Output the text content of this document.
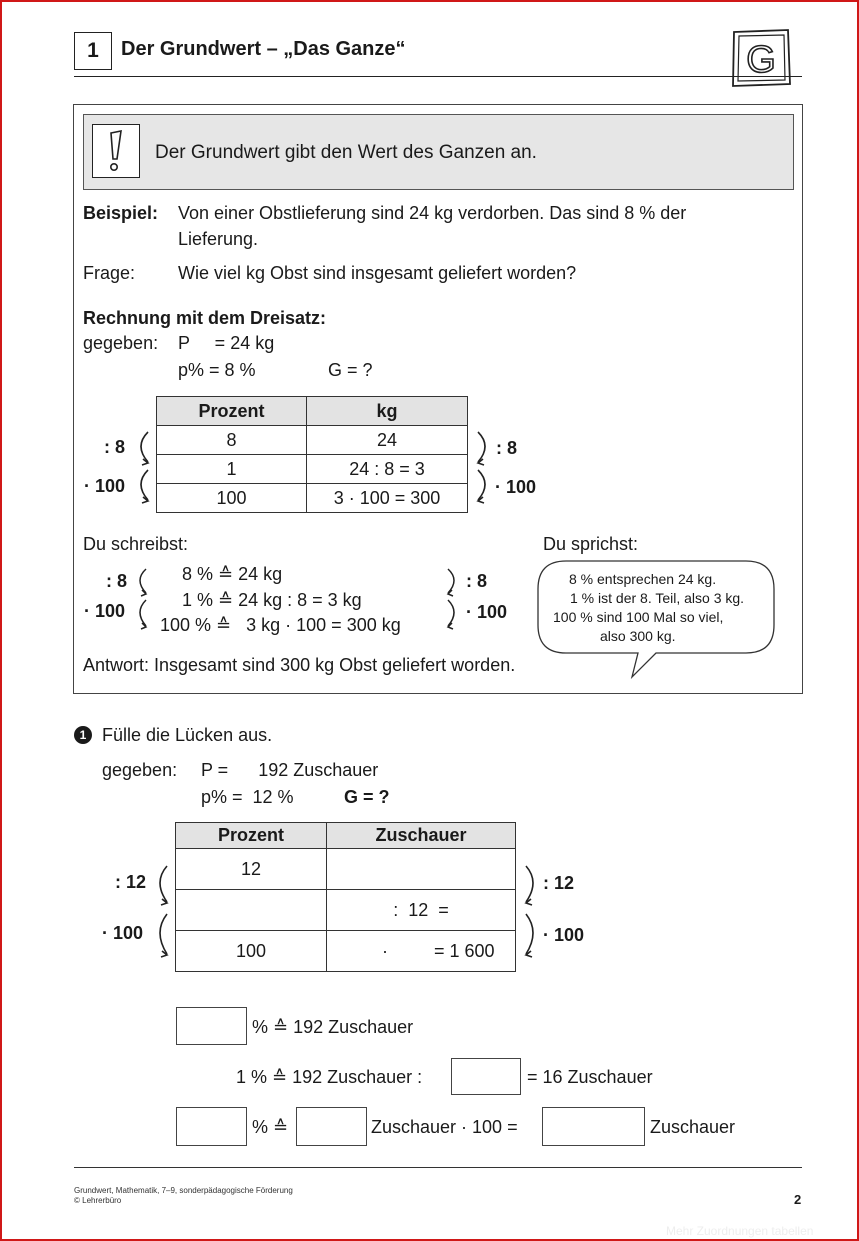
1	Der Grundwert – „Das Ganze“	G
Der Grundwert gibt den Wert des Ganzen an.
Beispiel: Von einer Obstlieferung sind 24 kg verdorben. Das sind 8 % der
Lieferung.
Frage: Wie viel kg Obst sind insgesamt geliefert worden?
Rechnung mit dem Dreisatz:
gegeben: P     = 24 kg
p% = 8 %	G = ?
Prozent	kg
8	24
1	24 : 8 = 3
100	3 · 100 = 300
: 8
· 100
: 8
· 100
Du schreibst:	Du sprichst:
: 8
· 100
8 % ≙ 24 kg
1 % ≙ 24 kg : 8 = 3 kg
100 % ≙   3 kg · 100 = 300 kg
: 8
· 100
8 % entsprechen 24 kg.
1 % ist der 8. Teil, also 3 kg.
100 % sind 100 Mal so viel,
also 300 kg.
Antwort: Insgesamt sind 300 kg Obst geliefert worden.
1 Fülle die Lücken aus.
gegeben: P =      192 Zuschauer
p% =  12 %	G = ?
Prozent	Zuschauer
12	
	:  12  =
100	· = 1 600
: 12
· 100
: 12
· 100
% ≙ 192 Zuschauer
1 % ≙ 192 Zuschauer :	= 16 Zuschauer
% ≙	Zuschauer · 100 =	Zuschauer
Grundwert, Mathematik, 7–9, sonderpädagogische Förderung
© Lehrerbüro	2
Mehr Zuordnungen tabellen
